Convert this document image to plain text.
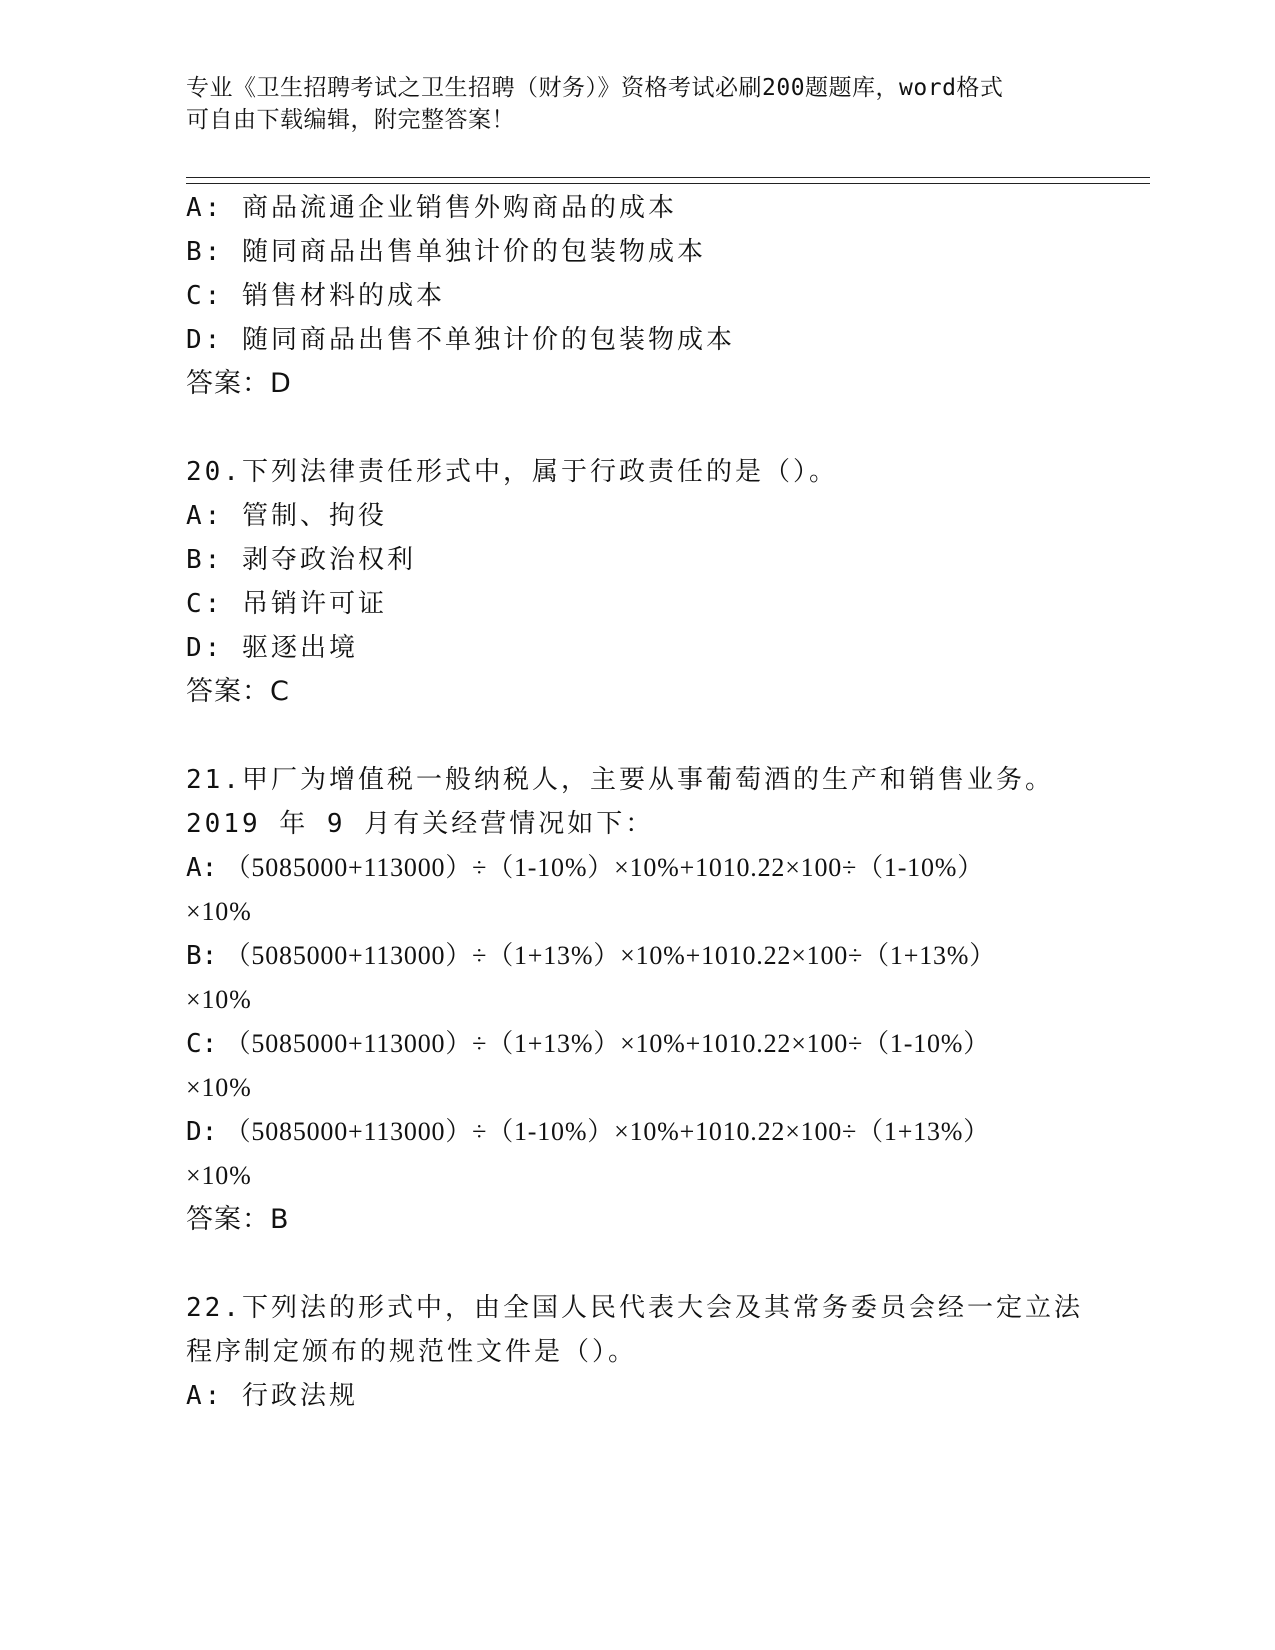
专业《卫生招聘考试之卫生招聘（财务）》资格考试必刷200题题库，word格式
可自由下载编辑，附完整答案！
A: 商品流通企业销售外购商品的成本
B: 随同商品出售单独计价的包装物成本
C: 销售材料的成本
D: 随同商品出售不单独计价的包装物成本
答案：D
20.下列法律责任形式中，属于行政责任的是（）。
A: 管制、拘役
B: 剥夺政治权利
C: 吊销许可证
D: 驱逐出境
答案：C
21.甲厂为增值税一般纳税人，主要从事葡萄酒的生产和销售业务。
2019 年 9 月有关经营情况如下：
A: （5085000+113000）÷（1-10%）×10%+1010.22×100÷（1-10%）
×10%
B: （5085000+113000）÷（1+13%）×10%+1010.22×100÷（1+13%）
×10%
C: （5085000+113000）÷（1+13%）×10%+1010.22×100÷（1-10%）
×10%
D: （5085000+113000）÷（1-10%）×10%+1010.22×100÷（1+13%）
×10%
答案：B
22.下列法的形式中，由全国人民代表大会及其常务委员会经一定立法
程序制定颁布的规范性文件是（）。
A: 行政法规
